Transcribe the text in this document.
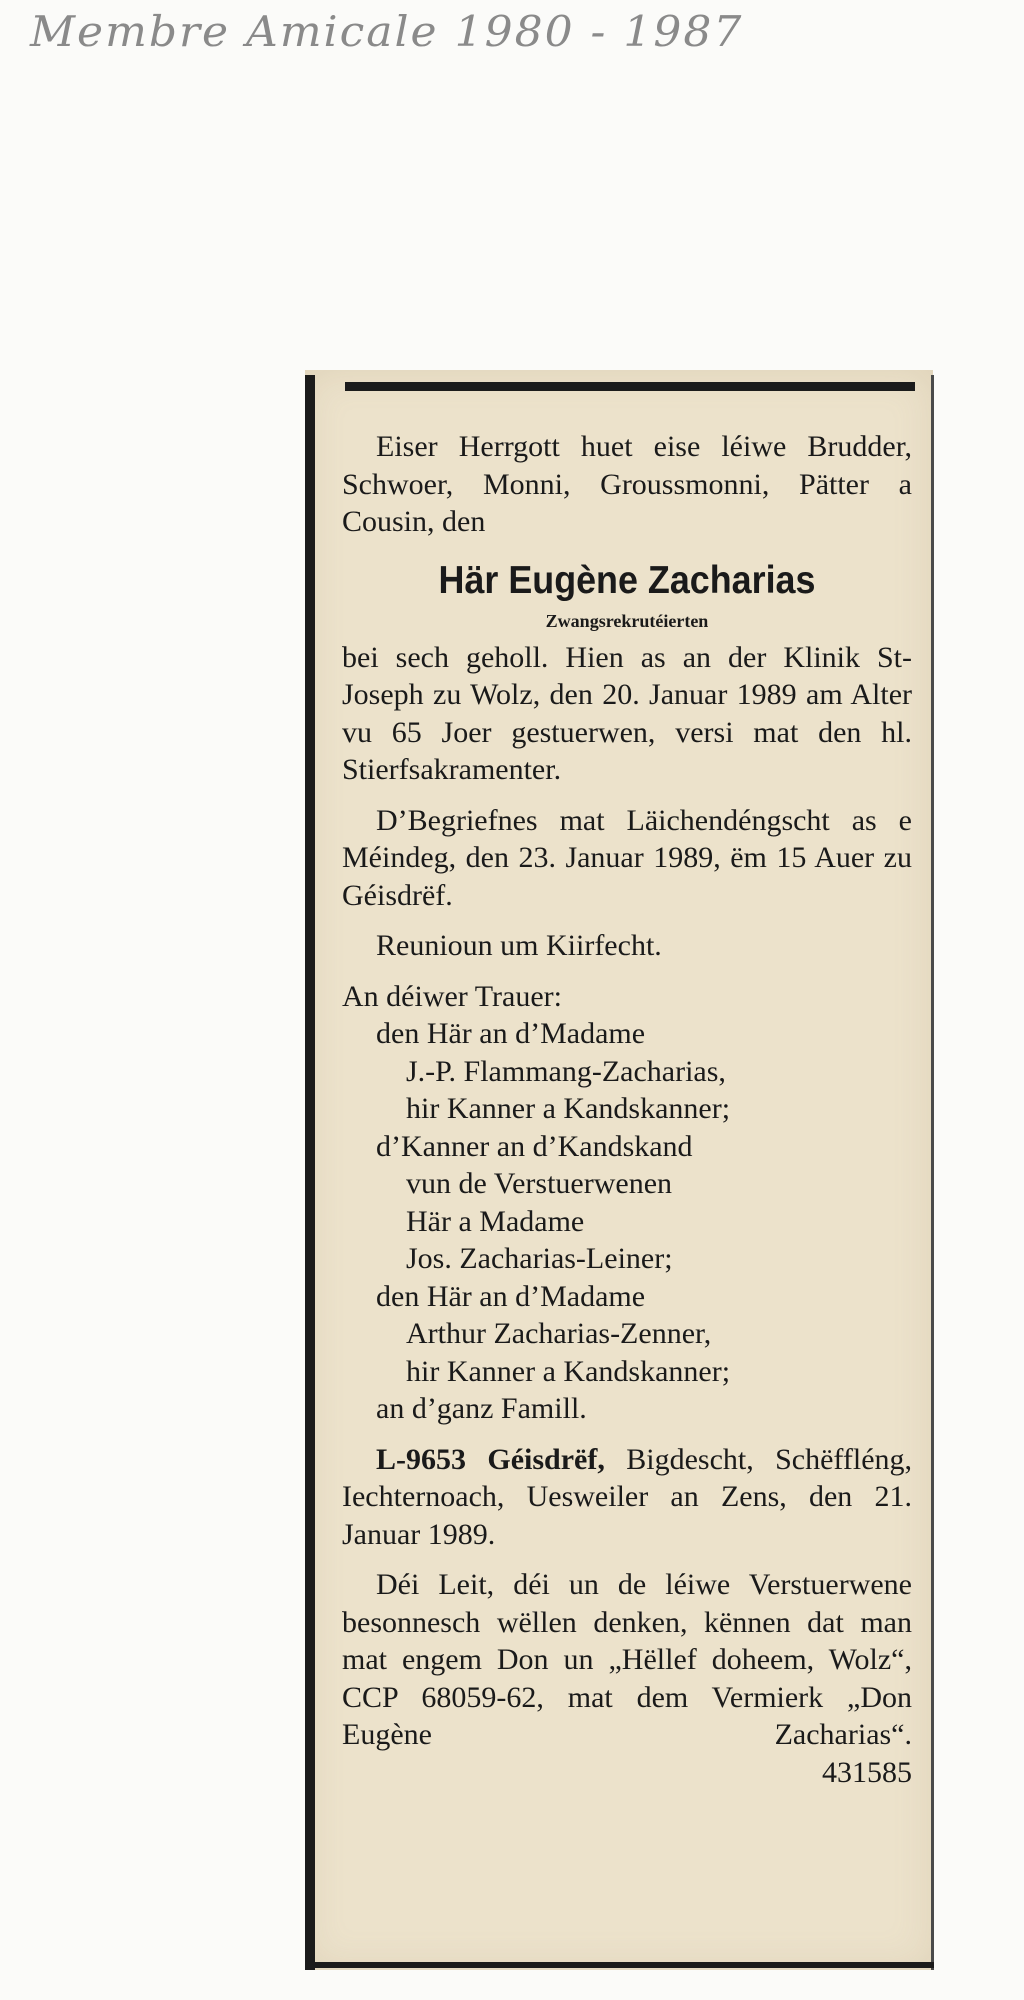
Membre Amicale 1980 - 1987

Eiser Herrgott huet eise léiwe Brudder, Schwoer, Monni, Groussmonni, Pätter a Cousin, den

Här Eugène Zacharias
Zwangsrekrutéierten

bei sech geholl. Hien as an der Klinik St-Joseph zu Wolz, den 20. Januar 1989 am Alter vu 65 Joer gestuerwen, versi mat den hl. Stierfsakramenter.

D’Begriefnes mat Läichendéngscht as e Méindeg, den 23. Januar 1989, ëm 15 Auer zu Géisdrëf.

Reunioun um Kiirfecht.

An déiwer Trauer:

den Här an d’Madame

J.-P. Flammang-Zacharias,

hir Kanner a Kandskanner;

d’Kanner an d’Kandskand

vun de Verstuerwenen

Här a Madame

Jos. Zacharias-Leiner;

den Här an d’Madame

Arthur Zacharias-Zenner,

hir Kanner a Kandskanner;

an d’ganz Famill.

L-9653 Géisdrëf, Bigdescht, Schëffléng, Iechternoach, Uesweiler an Zens, den 21. Januar 1989.

Déi Leit, déi un de léiwe Verstuerwene besonnesch wëllen denken, kënnen dat man mat engem Don un „Hëllef doheem, Wolz“, CCP 68059-62, mat dem Vermierk „Don Eugène Zacharias“.

431585
